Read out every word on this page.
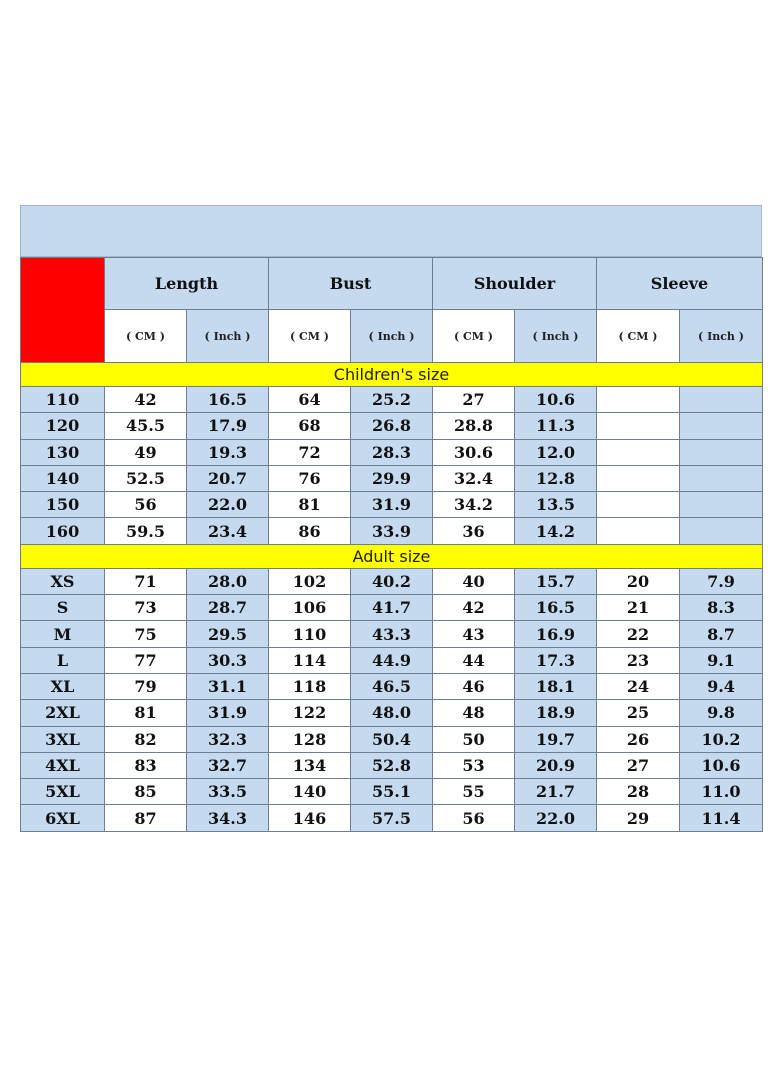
	Length		Bust		Shoulder		Sleeve	
	( CM )	( Inch )	( CM )	( Inch )	( CM )	( Inch )	( CM )	( Inch )
Children's size								
110	42	16.5	64	25.2	27	10.6		
120	45.5	17.9	68	26.8	28.8	11.3		
130	49	19.3	72	28.3	30.6	12.0		
140	52.5	20.7	76	29.9	32.4	12.8		
150	56	22.0	81	31.9	34.2	13.5		
160	59.5	23.4	86	33.9	36	14.2		
Adult size								
XS	71	28.0	102	40.2	40	15.7	20	7.9
S	73	28.7	106	41.7	42	16.5	21	8.3
M	75	29.5	110	43.3	43	16.9	22	8.7
L	77	30.3	114	44.9	44	17.3	23	9.1
XL	79	31.1	118	46.5	46	18.1	24	9.4
2XL	81	31.9	122	48.0	48	18.9	25	9.8
3XL	82	32.3	128	50.4	50	19.7	26	10.2
4XL	83	32.7	134	52.8	53	20.9	27	10.6
5XL	85	33.5	140	55.1	55	21.7	28	11.0
6XL	87	34.3	146	57.5	56	22.0	29	11.4
